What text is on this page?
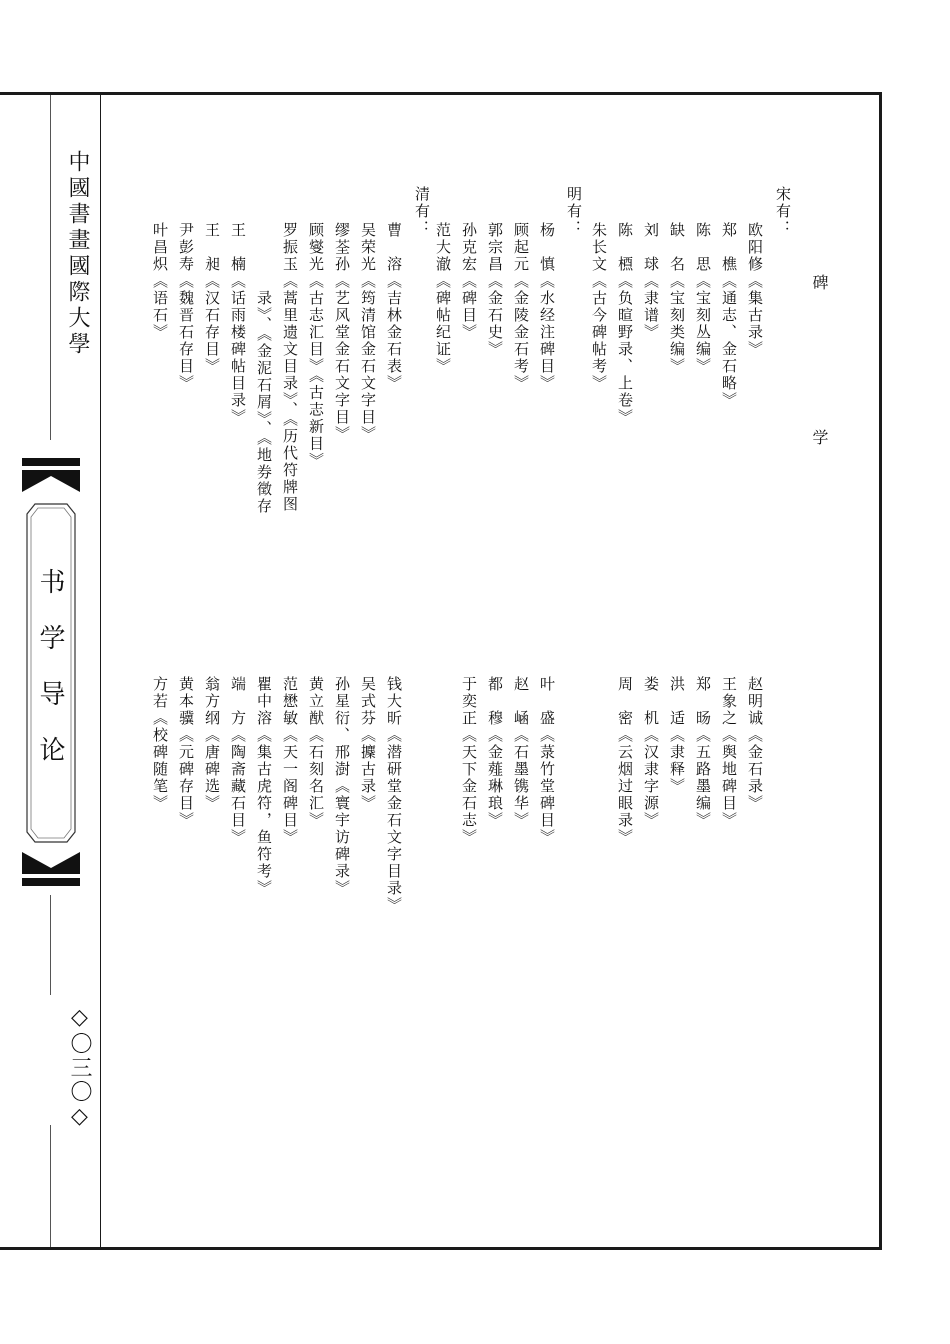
中國書畫國際大學
书学导论
◇〇三〇◇
碑 学
宋有：
明有：
清有：
欧阳修《集古录》
郑　樵《通志、金石略》
陈　思《宝刻丛编》
缺　名《宝刻类编》
刘　球《隶谱》
陈　槱《负暄野录、上卷》
朱长文《古今碑帖考》
杨　慎《水经注碑目》
顾起元《金陵金石考》
郭宗昌《金石史》
孙克宏《碑目》
范大澈《碑帖纪证》
曹　溶《吉林金石表》
吴荣光《筠清馆金石文字目》
缪荃孙《艺风堂金石文字目》
顾燮光《古志汇目》《古志新目》
罗振玉《蒿里遗文目录》、《历代符牌图
录》、《金泥石屑》、《地券徵存
王　楠《话雨楼碑帖目录》
王　昶《汉石存目》
尹彭寿《魏晋石存目》
叶昌炽《语石》
赵明诚《金石录》
王象之《舆地碑目》
郑　旸《五路墨编》
洪　适《隶释》
娄　机《汉隶字源》
周　密《云烟过眼录》
叶　盛《菉竹堂碑目》
赵　崡《石墨镌华》
都　穆《金薤琳琅》
于奕正《天下金石志》
钱大昕《潜研堂金石文字目录》
吴式芬《攈古录》
孙星衍、邢澍《寰宇访碑录》
黄立猷《石刻名汇》
范懋敏《天一阁碑目》
瞿中溶《集古虎符，鱼符考》
端　方《陶斋藏石目》
翁方纲《唐碑选》
黄本骥《元碑存目》
方若《校碑随笔》
